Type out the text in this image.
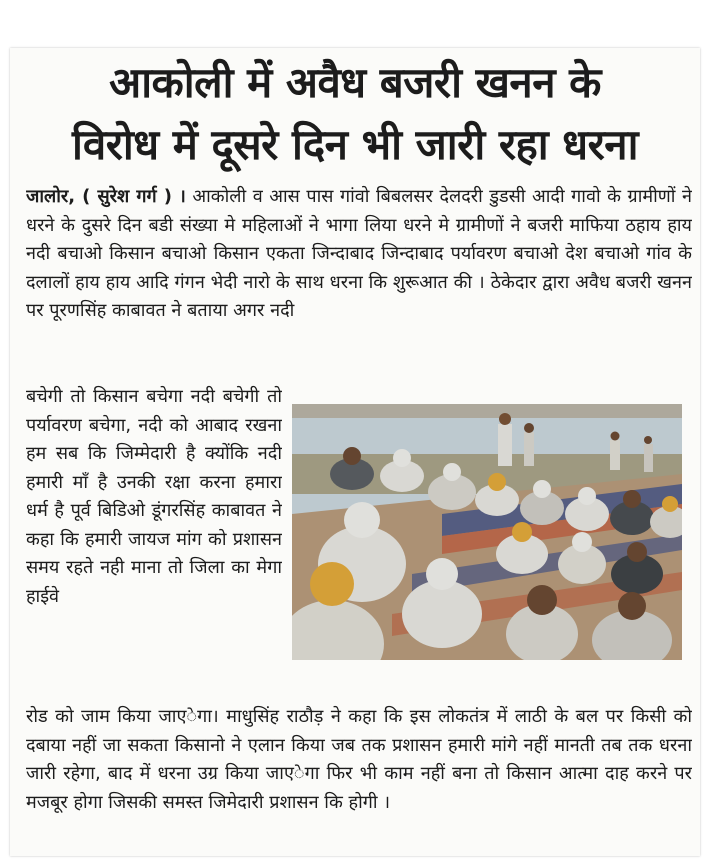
आकोली में अवैध बजरी खनन के
विरोध में दूसरे दिन भी जारी रहा धरना
जालोर, ( सुरेश गर्ग ) । आकोली व आस पास गांवो बिबलसर देलदरी डुडसी आदी गावो के ग्रामीणों ने धरने के दुसरे दिन बडी संख्या मे महिलाओं ने भागा लिया धरने मे ग्रामीणों ने बजरी माफिया ठहाय हाय नदी बचाओ किसान बचाओ किसान एकता जिन्दाबाद जिन्दाबाद पर्यावरण बचाओ देश बचाओ गांव के दलालों हाय हाय आदि गंगन भेदी नारो के साथ धरना कि शुरूआत की । ठेकेदार द्वारा अवैध बजरी खनन पर पूरणसिंह काबावत ने बताया अगर नदी
बचेगी तो किसान बचेगा नदी बचेगी तो पर्यावरण बचेगा, नदी को आबाद रखना हम सब कि जिम्मेदारी है क्योंकि नदी हमारी माँ है उनकी रक्षा करना हमारा धर्म है पूर्व बिडिओ डूंगरसिंह काबावत ने कहा कि हमारी जायज मांग को प्रशासन समय रहते नही माना तो जिला का मेगा हाईवे
रोड को जाम किया जाएेगा। माधुसिंह राठौड़ ने कहा कि इस लोकतंत्र में लाठी के बल पर किसी को दबाया नहीं जा सकता किसानो ने एलान किया जब तक प्रशासन हमारी मांगे नहीं मानती तब तक धरना जारी रहेगा, बाद में धरना उग्र किया जाएेगा फिर भी काम नहीं बना तो किसान आत्मा दाह करने पर मजबूर होगा जिसकी समस्त जिमेदारी प्रशासन कि होगी ।
